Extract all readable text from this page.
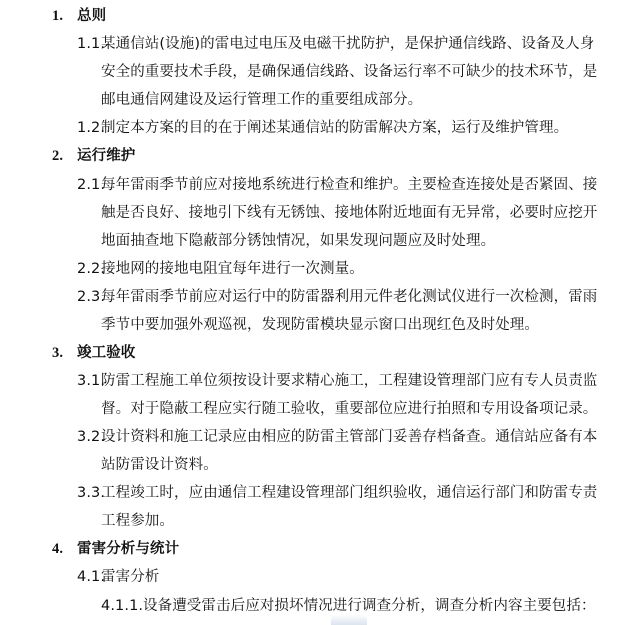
1. 总则
1.1.
某通信站(设施)的雷电过电压及电磁干扰防护，是保护通信线路、设备及人身
安全的重要技术手段，是确保通信线路、设备运行率不可缺少的技术环节，是
邮电通信网建设及运行管理工作的重要组成部分。
1.2.
制定本方案的目的在于阐述某通信站的防雷解决方案，运行及维护管理。
2. 运行维护
2.1.
每年雷雨季节前应对接地系统进行检查和维护。主要检查连接处是否紧固、接
触是否良好、接地引下线有无锈蚀、接地体附近地面有无异常，必要时应挖开
地面抽查地下隐蔽部分锈蚀情况，如果发现问题应及时处理。
2.2.
接地网的接地电阻宜每年进行一次测量。
2.3.
每年雷雨季节前应对运行中的防雷器利用元件老化测试仪进行一次检测，雷雨
季节中要加强外观巡视，发现防雷模块显示窗口出现红色及时处理。
3. 竣工验收
3.1.
防雷工程施工单位须按设计要求精心施工，工程建设管理部门应有专人员责监
督。对于隐蔽工程应实行随工验收，重要部位应进行拍照和专用设备项记录。
3.2.
设计资料和施工记录应由相应的防雷主管部门妥善存档备查。通信站应备有本
站防雷设计资料。
3.3.
工程竣工时，应由通信工程建设管理部门组织验收，通信运行部门和防雷专责
工程参加。
4. 雷害分析与统计
4.1.
雷害分析
4.1.1. 设备遭受雷击后应对损坏情况进行调查分析，调查分析内容主要包括：
